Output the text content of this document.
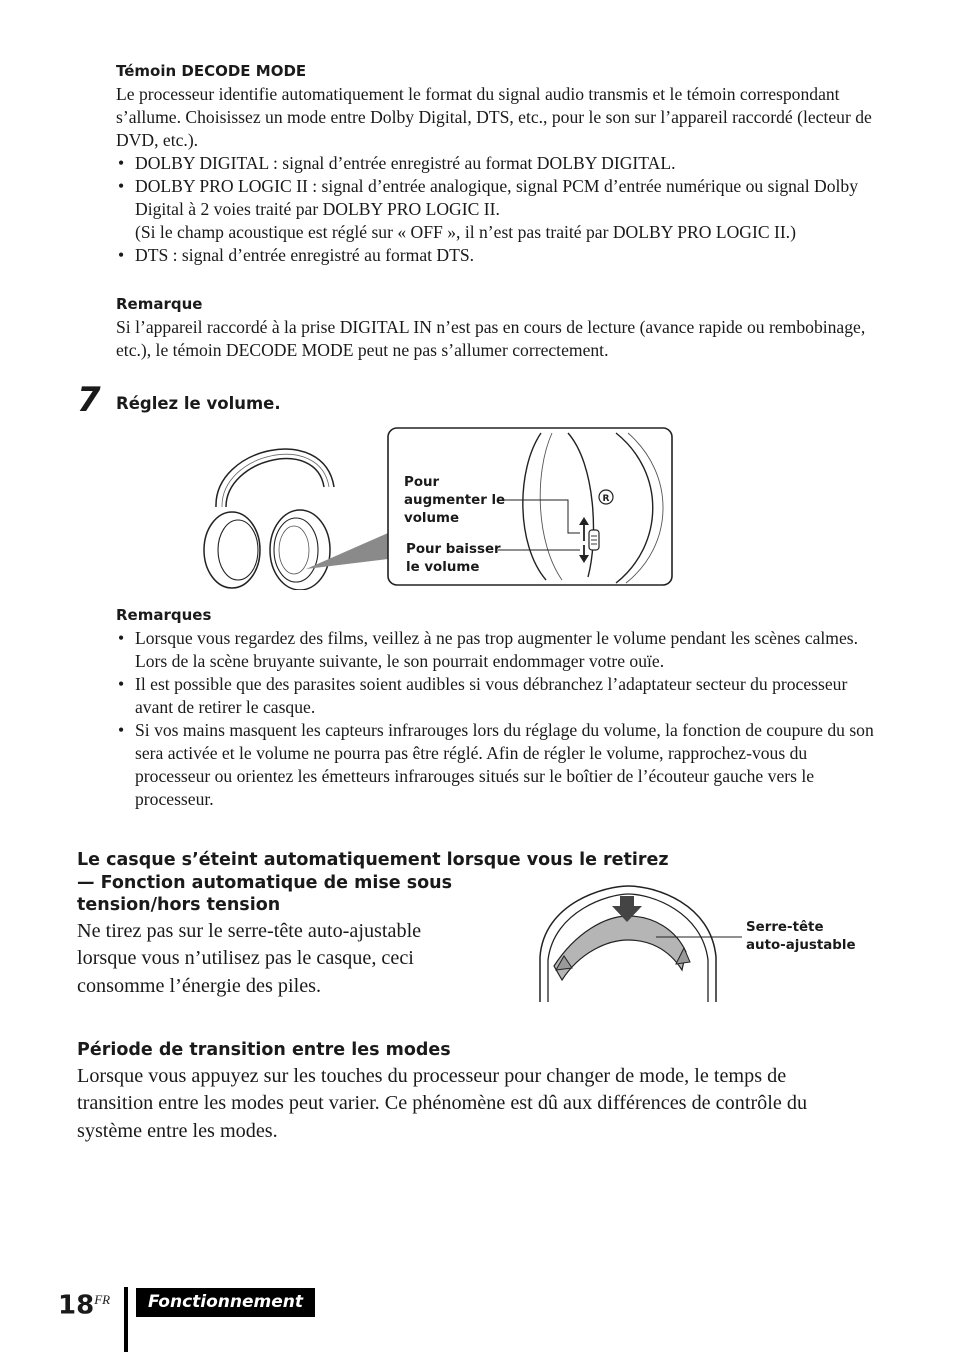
Témoin DECODE MODE
Le processeur identifie automatiquement le format du signal audio transmis et le témoin correspondant s’allume. Choisissez un mode entre Dolby Digital, DTS, etc., pour le son sur l’appareil raccordé (lecteur de DVD, etc.).
• DOLBY DIGITAL : signal d’entrée enregistré au format DOLBY DIGITAL.
• DOLBY PRO LOGIC II : signal d’entrée analogique, signal PCM d’entrée numérique ou signal Dolby Digital à 2 voies traité par DOLBY PRO LOGIC II.
(Si le champ acoustique est réglé sur « OFF », il n’est pas traité par DOLBY PRO LOGIC II.)
• DTS : signal d’entrée enregistré au format DTS.
Remarque
Si l’appareil raccordé à la prise DIGITAL IN n’est pas en cours de lecture (avance rapide ou rembobinage, etc.), le témoin DECODE MODE peut ne pas s’allumer correctement.
7 Réglez le volume.
R
Pour augmenter le volume
Pour baisser le volume
Remarques
• Lorsque vous regardez des films, veillez à ne pas trop augmenter le volume pendant les scènes calmes. Lors de la scène bruyante suivante, le son pourrait endommager votre ouïe.
• Il est possible que des parasites soient audibles si vous débranchez l’adaptateur secteur du processeur avant de retirer le casque.
• Si vos mains masquent les capteurs infrarouges lors du réglage du volume, la fonction de coupure du son sera activée et le volume ne pourra pas être réglé. Afin de régler le volume, rapprochez-vous du processeur ou orientez les émetteurs infrarouges situés sur le boîtier de l’écouteur gauche vers le processeur.
Le casque s’éteint automatiquement lorsque vous le retirez
— Fonction automatique de mise sous
tension/hors tension
Ne tirez pas sur le serre-tête auto-ajustable lorsque vous n’utilisez pas le casque, ceci consomme l’énergie des piles.
Serre-tête auto-ajustable
Période de transition entre les modes
Lorsque vous appuyez sur les touches du processeur pour changer de mode, le temps de transition entre les modes peut varier. Ce phénomène est dû aux différences de contrôle du système entre les modes.
$18^{FR}$	Fonctionnement
